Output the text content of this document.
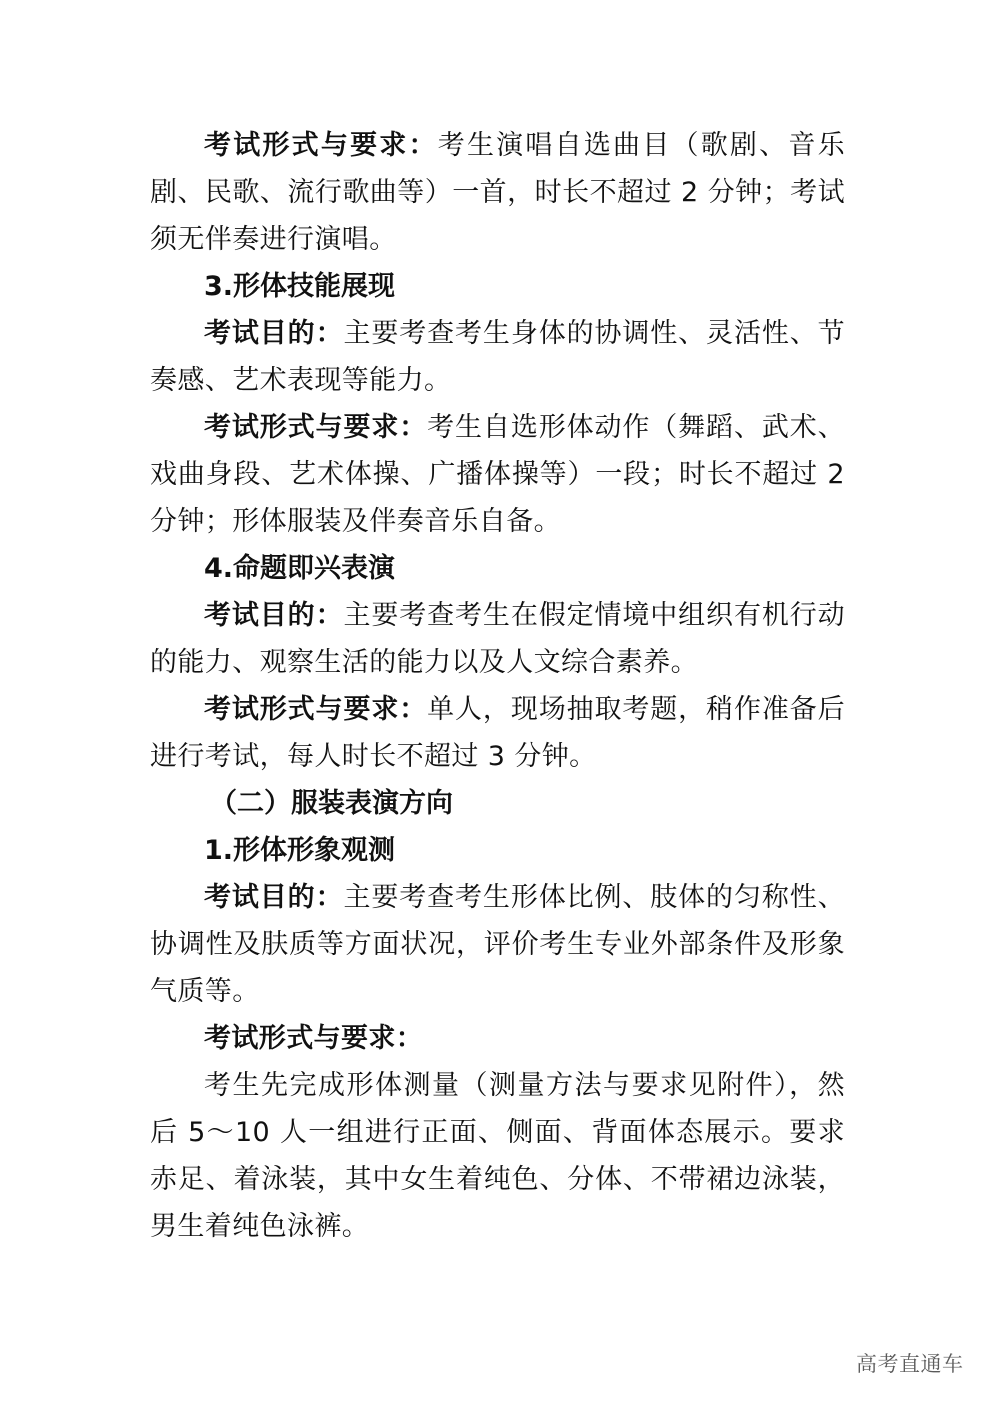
考试形式与要求：考生演唱自选曲目（歌剧、音乐剧、民歌、流行歌曲等）一首，时长不超过 2 分钟；考试须无伴奏进行演唱。

3.形体技能展现

考试目的：主要考查考生身体的协调性、灵活性、节奏感、艺术表现等能力。

考试形式与要求：考生自选形体动作（舞蹈、武术、戏曲身段、艺术体操、广播体操等）一段；时长不超过 2 分钟；形体服装及伴奏音乐自备。

4.命题即兴表演

考试目的：主要考查考生在假定情境中组织有机行动的能力、观察生活的能力以及人文综合素养。

考试形式与要求：单人，现场抽取考题，稍作准备后进行考试，每人时长不超过 3 分钟。

（二）服装表演方向

1.形体形象观测

考试目的：主要考查考生形体比例、肢体的匀称性、协调性及肤质等方面状况，评价考生专业外部条件及形象气质等。

考试形式与要求：

考生先完成形体测量（测量方法与要求见附件），然后 5～10 人一组进行正面、侧面、背面体态展示。要求赤足、着泳装，其中女生着纯色、分体、不带裙边泳装，男生着纯色泳裤。

高考直通车
